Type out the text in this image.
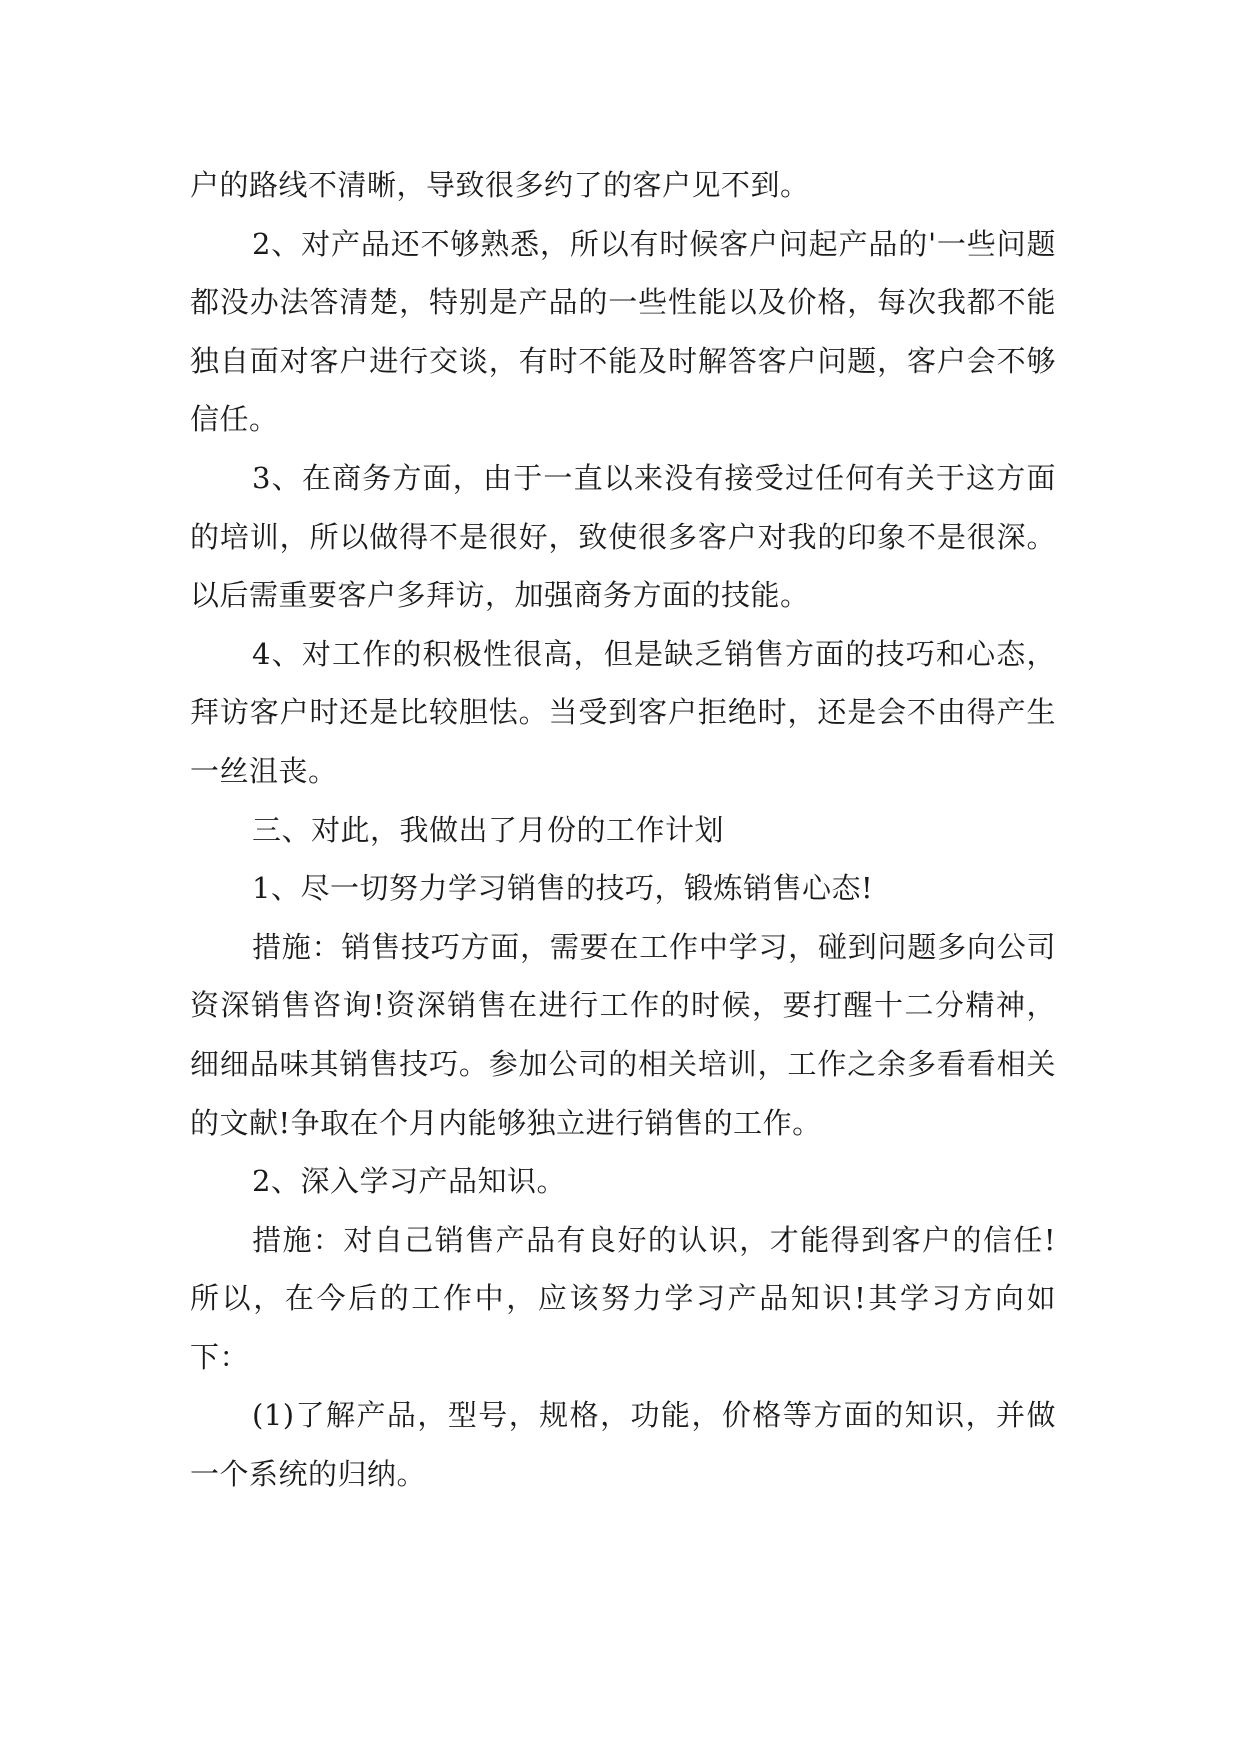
户的路线不清晰，导致很多约了的客户见不到。

2、对产品还不够熟悉，所以有时候客户问起产品的'一些问题都没办法答清楚，特别是产品的一些性能以及价格，每次我都不能独自面对客户进行交谈，有时不能及时解答客户问题，客户会不够信任。

3、在商务方面，由于一直以来没有接受过任何有关于这方面的培训，所以做得不是很好，致使很多客户对我的印象不是很深。以后需重要客户多拜访，加强商务方面的技能。

4、对工作的积极性很高，但是缺乏销售方面的技巧和心态，拜访客户时还是比较胆怯。当受到客户拒绝时，还是会不由得产生一丝沮丧。

三、对此，我做出了月份的工作计划

1、尽一切努力学习销售的技巧，锻炼销售心态!

措施：销售技巧方面，需要在工作中学习，碰到问题多向公司资深销售咨询!资深销售在进行工作的时候，要打醒十二分精神，细细品味其销售技巧。参加公司的相关培训，工作之余多看看相关的文献!争取在个月内能够独立进行销售的工作。

2、深入学习产品知识。

措施：对自己销售产品有良好的认识，才能得到客户的信任!所以，在今后的工作中，应该努力学习产品知识!其学习方向如下：

(1)了解产品，型号，规格，功能，价格等方面的知识，并做一个系统的归纳。
